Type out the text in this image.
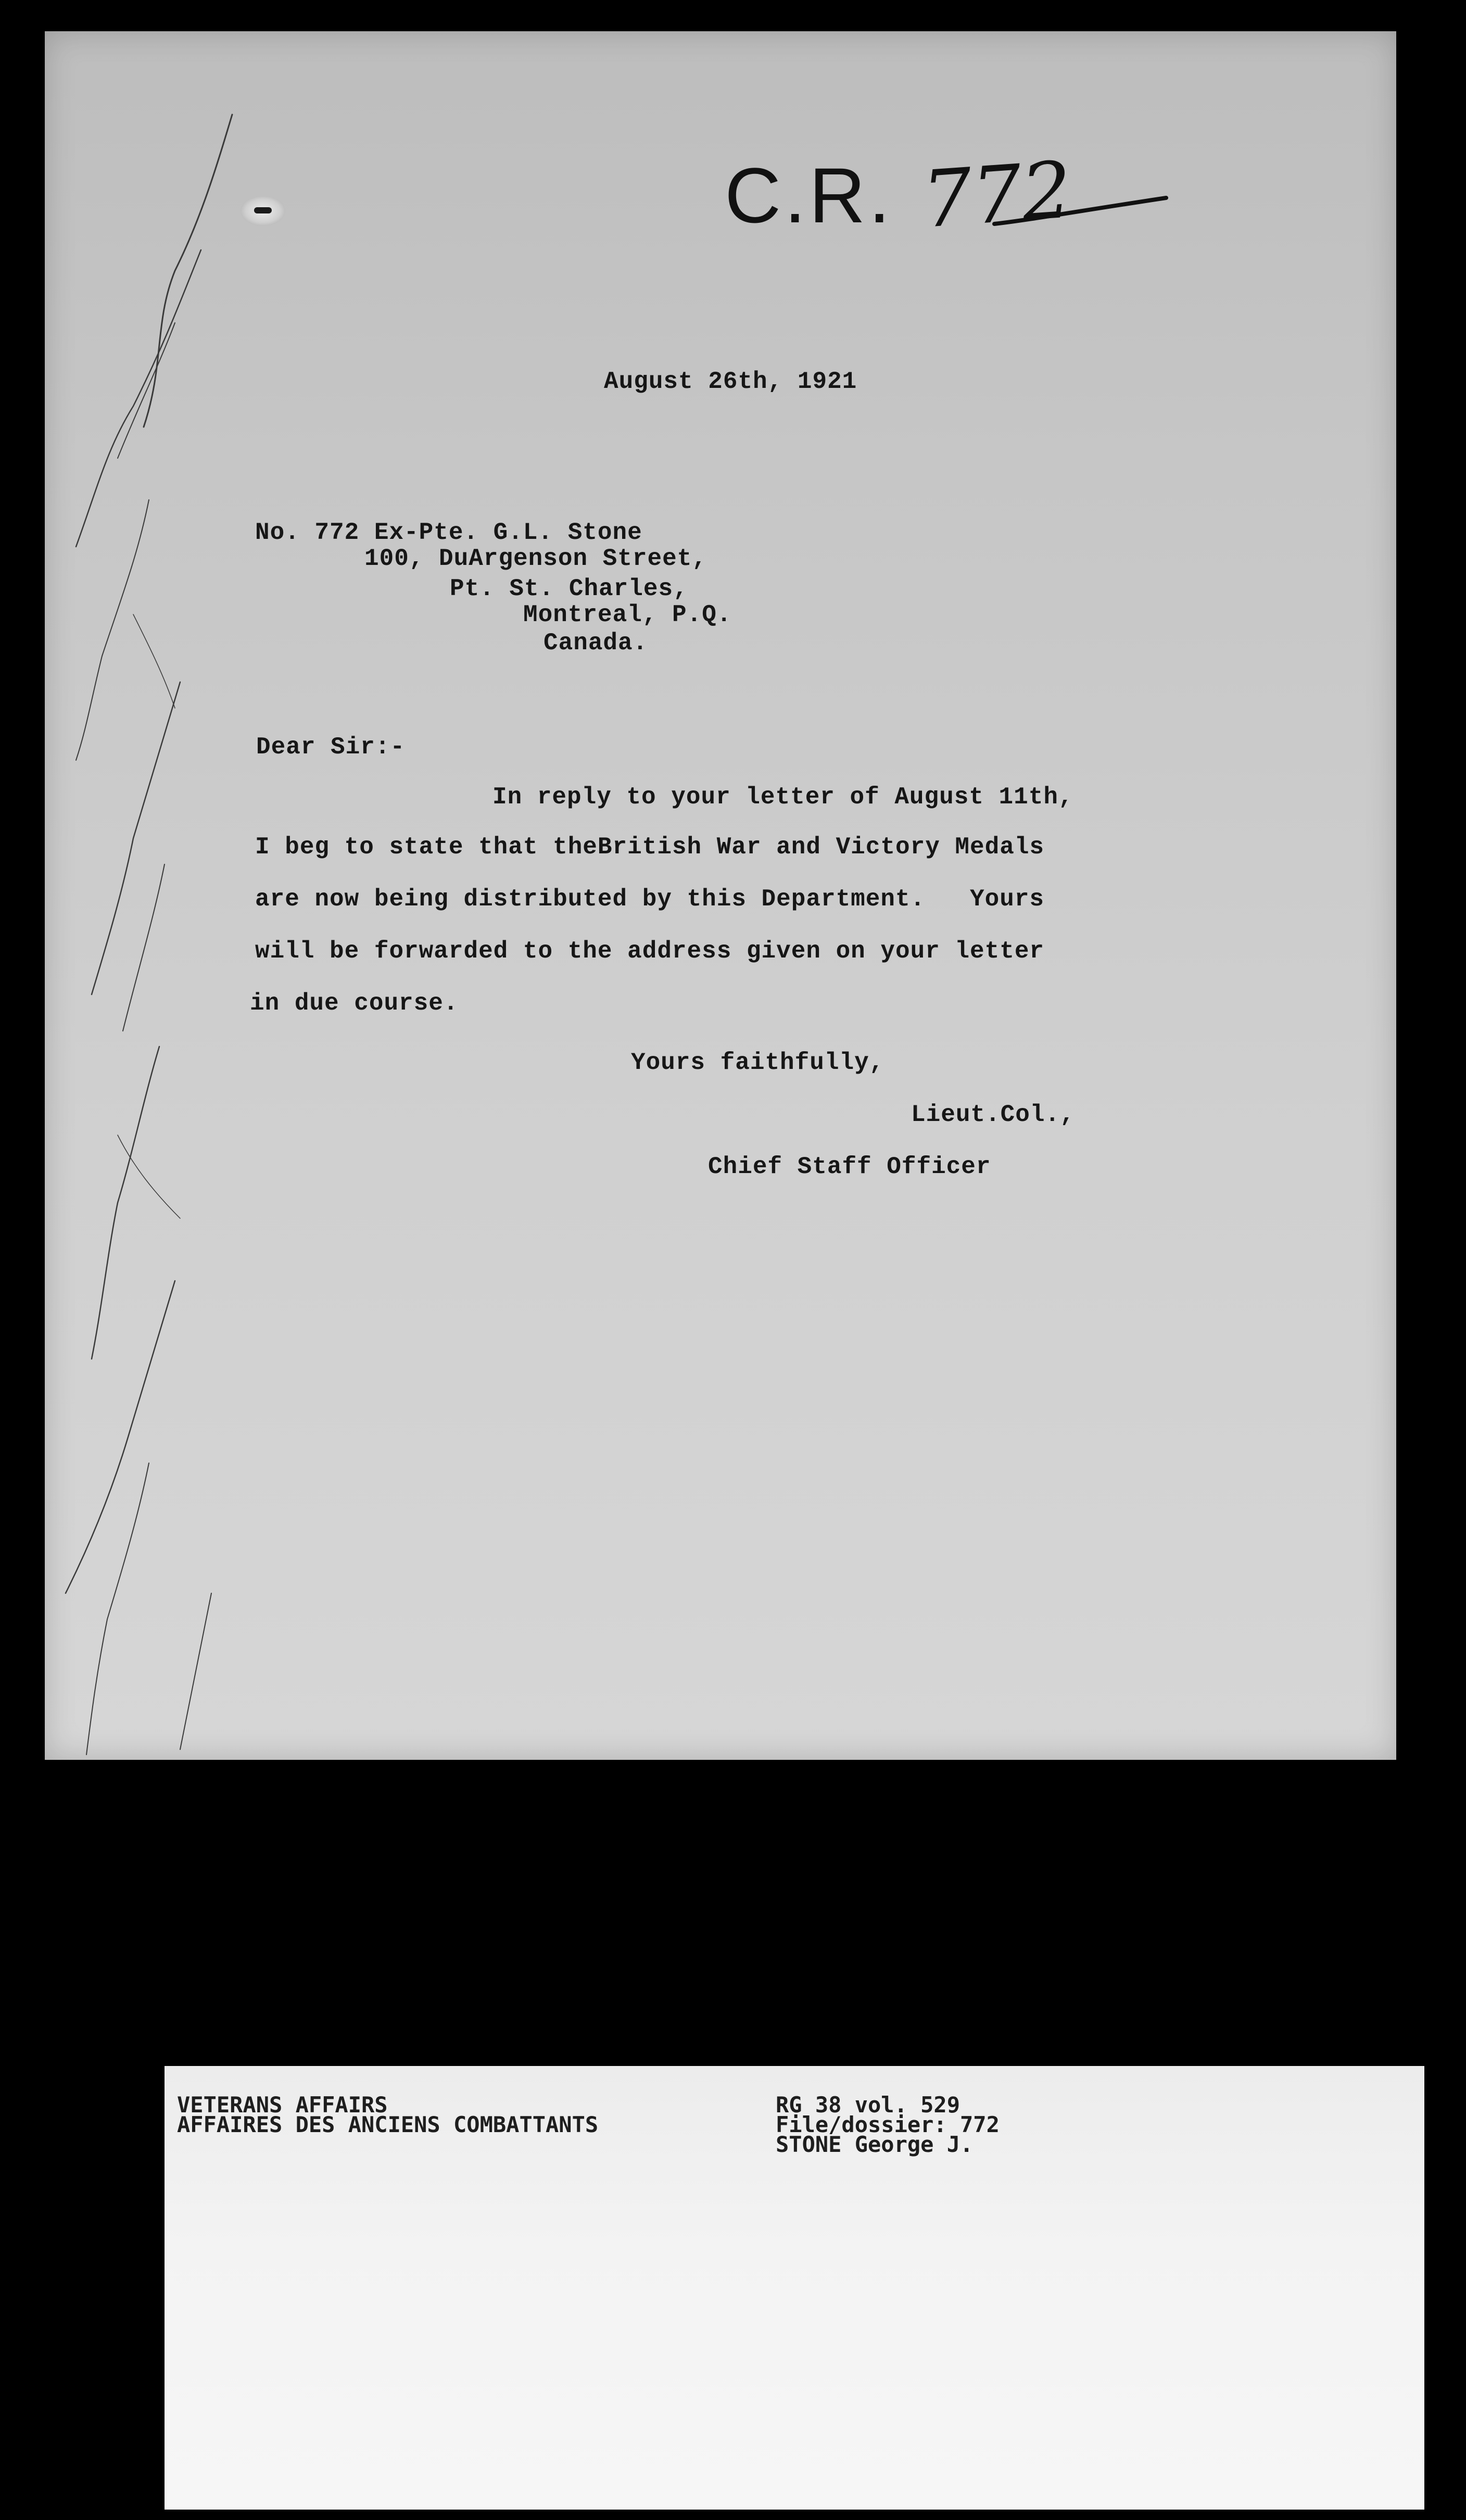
C.R. 772
August 26th, 1921
No. 772 Ex-Pte. G.L. Stone
100, DuArgenson Street,
Pt. St. Charles,
Montreal, P.Q.
Canada.
Dear Sir:-
In reply to your letter of August 11th,
I beg to state that theBritish War and Victory Medals
are now being distributed by this Department.   Yours
will be forwarded to the address given on your letter
in due course.
Yours faithfully,
Lieut.Col.,
Chief Staff Officer
VETERANS AFFAIRS
AFFAIRES DES ANCIENS COMBATTANTS
RG 38 vol. 529
File/dossier: 772
STONE George J.
